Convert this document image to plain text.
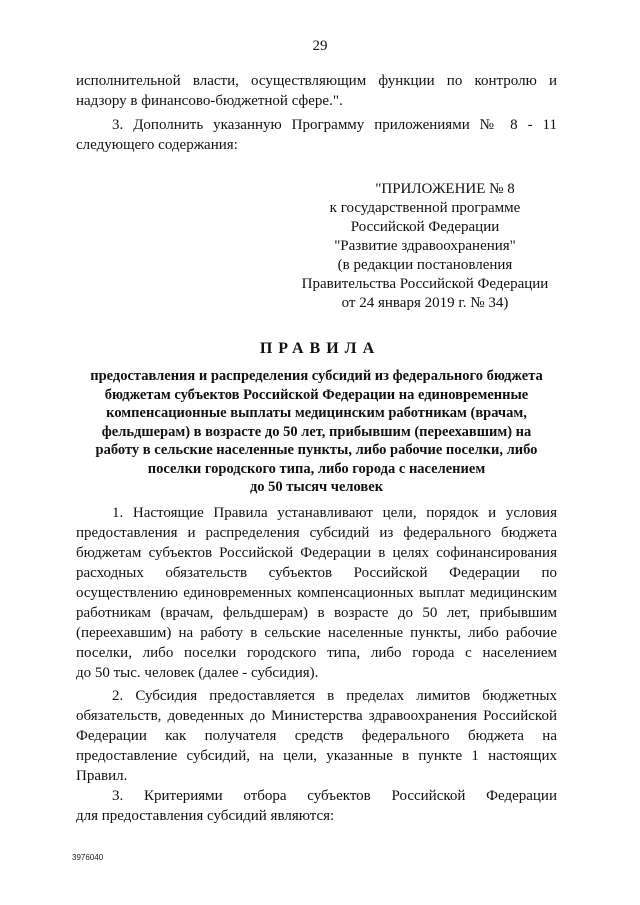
29
исполнительной власти, осуществляющим функции по контролю и
надзору в финансово-бюджетной сфере.".
3. Дополнить указанную Программу приложениями № 8 - 11
следующего содержания:
"ПРИЛОЖЕНИЕ № 8
к государственной программе
Российской Федерации
"Развитие здравоохранения"
(в редакции постановления
Правительства Российской Федерации
от 24 января 2019 г. № 34)
ПРАВИЛА
предоставления и распределения субсидий из федерального бюджета
бюджетам субъектов Российской Федерации на единовременные
компенсационные выплаты медицинским работникам (врачам,
фельдшерам) в возрасте до 50 лет, прибывшим (переехавшим) на
работу в сельские населенные пункты, либо рабочие поселки, либо
поселки городского типа, либо города с населением
до 50 тысяч человек
1. Настоящие Правила устанавливают цели, порядок и условия
предоставления и распределения субсидий из федерального бюджета
бюджетам субъектов Российской Федерации в целях софинансирования
расходных обязательств субъектов Российской Федерации по
осуществлению единовременных компенсационных выплат медицинским
работникам (врачам, фельдшерам) в возрасте до 50 лет, прибывшим
(переехавшим) на работу в сельские населенные пункты, либо рабочие
поселки, либо поселки городского типа, либо города с населением
до 50 тыс. человек (далее - субсидия).
2. Субсидия предоставляется в пределах лимитов бюджетных
обязательств, доведенных до Министерства здравоохранения Российской
Федерации как получателя средств федерального бюджета на
предоставление субсидий, на цели, указанные в пункте 1 настоящих
Правил.
3. Критериями отбора субъектов Российской Федерации
для предоставления субсидий являются:
3976040
